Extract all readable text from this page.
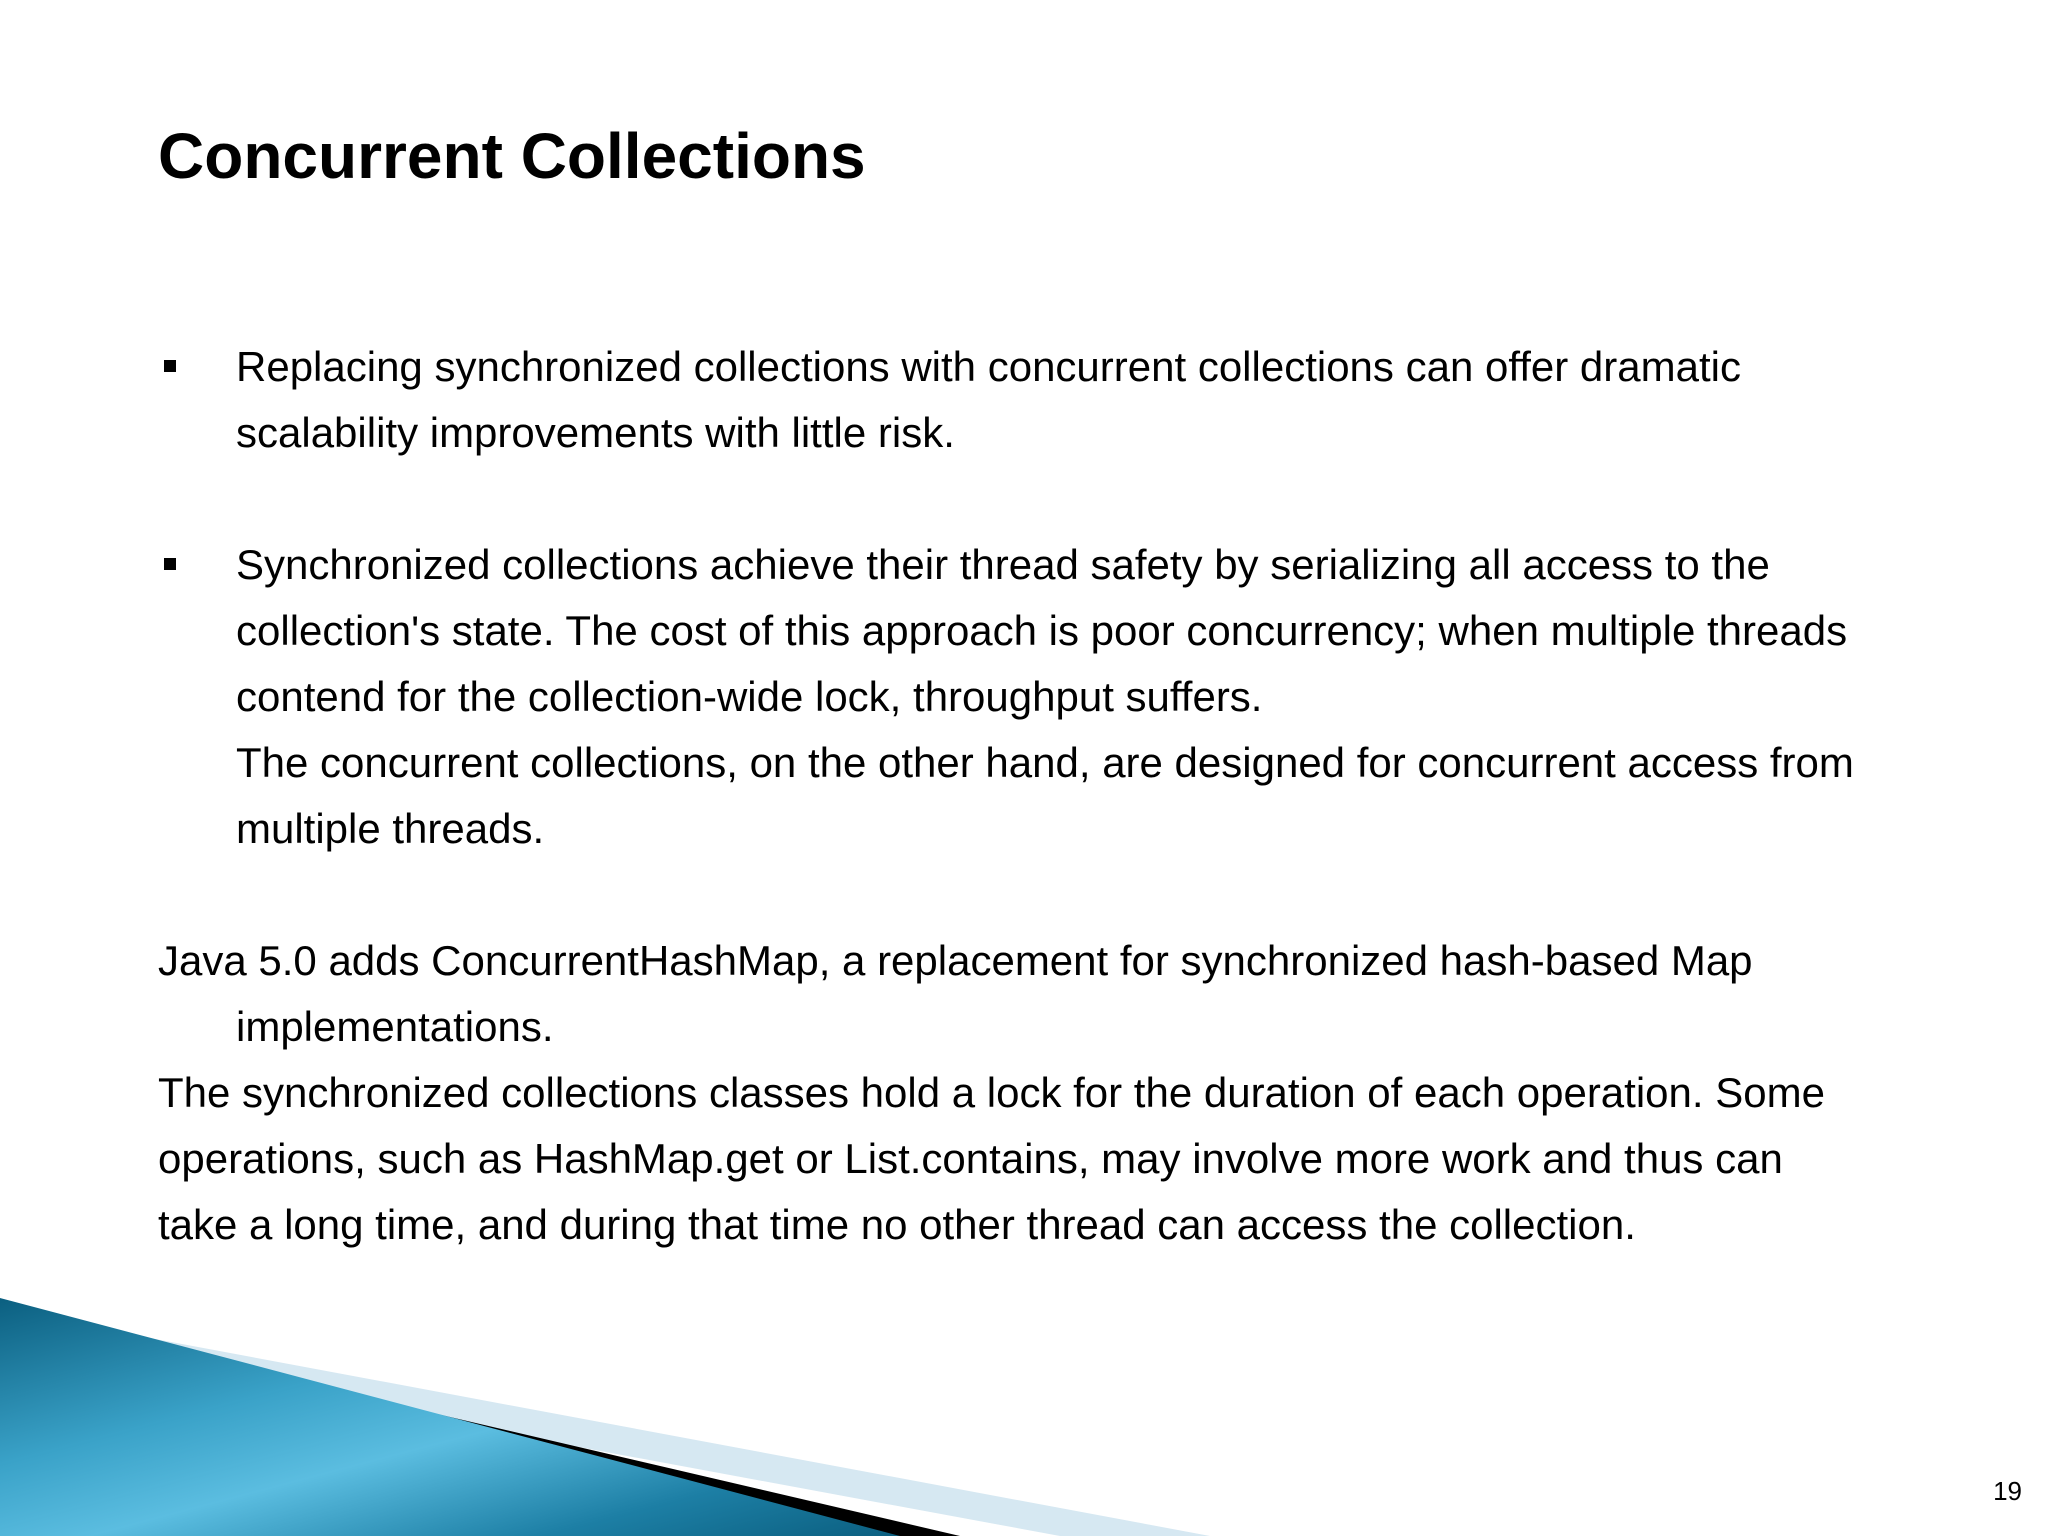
Concurrent Collections
Replacing synchronized collections with concurrent collections can offer dramatic
scalability improvements with little risk.
Synchronized collections achieve their thread safety by serializing all access to the
collection's state. The cost of this approach is poor concurrency; when multiple threads
contend for the collection-wide lock, throughput suffers.
The concurrent collections, on the other hand, are designed for concurrent access from
multiple threads.
Java 5.0 adds ConcurrentHashMap, a replacement for synchronized hash-based Map
implementations.
The synchronized collections classes hold a lock for the duration of each operation. Some
operations, such as HashMap.get or List.contains, may involve more work and thus can
take a long time, and during that time no other thread can access the collection.
19
